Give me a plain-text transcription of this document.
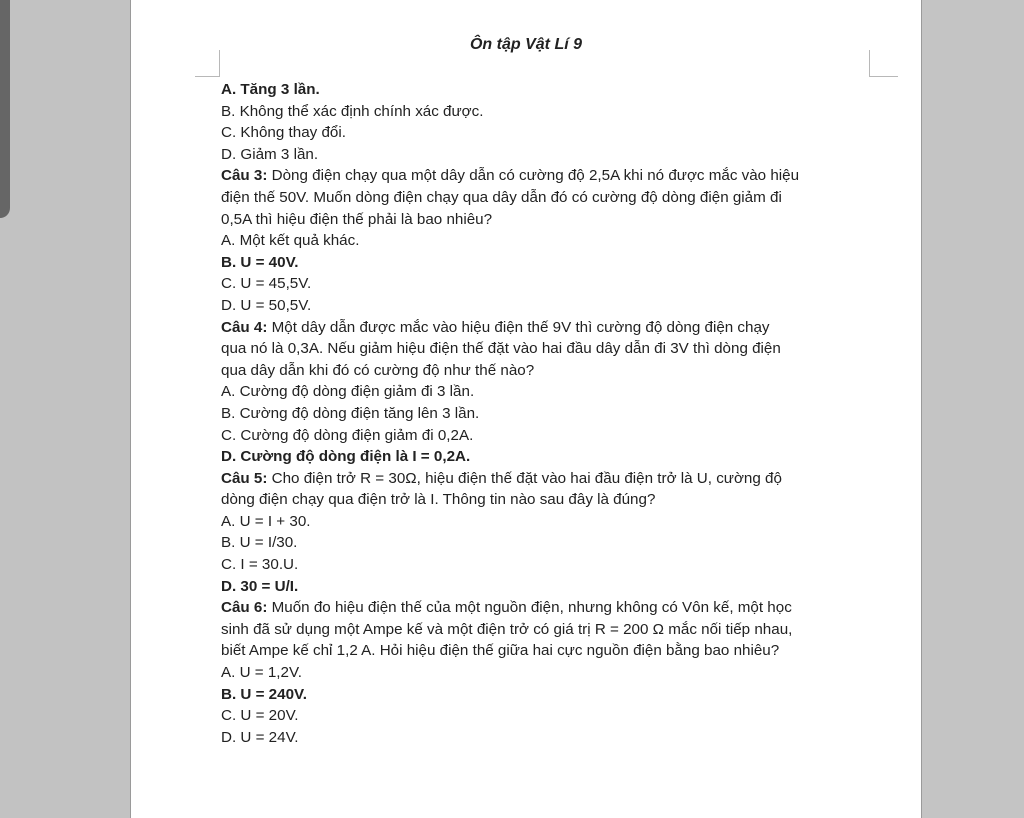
Ôn tập Vật Lí 9
A. Tăng 3 lần.
B. Không thể xác định chính xác được.
C. Không thay đổi.
D. Giảm 3 lần.
Câu 3: Dòng điện chạy qua một dây dẫn có cường độ 2,5A khi nó được mắc vào hiệu
điện thế 50V. Muốn dòng điện chạy qua dây dẫn đó có cường độ dòng điện giảm đi
0,5A thì hiệu điện thế phải là bao nhiêu?
A. Một kết quả khác.
B. U = 40V.
C. U = 45,5V.
D. U = 50,5V.
Câu 4: Một dây dẫn được mắc vào hiệu điện thế 9V thì cường độ dòng điện chạy
qua nó là 0,3A. Nếu giảm hiệu điện thế đặt vào hai đầu dây dẫn đi 3V thì dòng điện
qua dây dẫn khi đó có cường độ như thế nào?
A. Cường độ dòng điện giảm đi 3 lần.
B. Cường độ dòng điện tăng lên 3 lần.
C. Cường độ dòng điện giảm đi 0,2A.
D. Cường độ dòng điện là I = 0,2A.
Câu 5: Cho điện trở R = 30Ω, hiệu điện thế đặt vào hai đầu điện trở là U, cường độ
dòng điện chạy qua điện trở là I. Thông tin nào sau đây là đúng?
A. U = I + 30.
B. U = I/30.
C. I = 30.U.
D. 30 = U/I.
Câu 6: Muốn đo hiệu điện thế của một nguồn điện, nhưng không có Vôn kế, một học
sinh đã sử dụng một Ampe kế và một điện trở có giá trị R = 200 Ω mắc nối tiếp nhau,
biết Ampe kế chỉ 1,2 A. Hỏi hiệu điện thế giữa hai cực nguồn điện bằng bao nhiêu?
A. U = 1,2V.
B. U = 240V.
C. U = 20V.
D. U = 24V.
